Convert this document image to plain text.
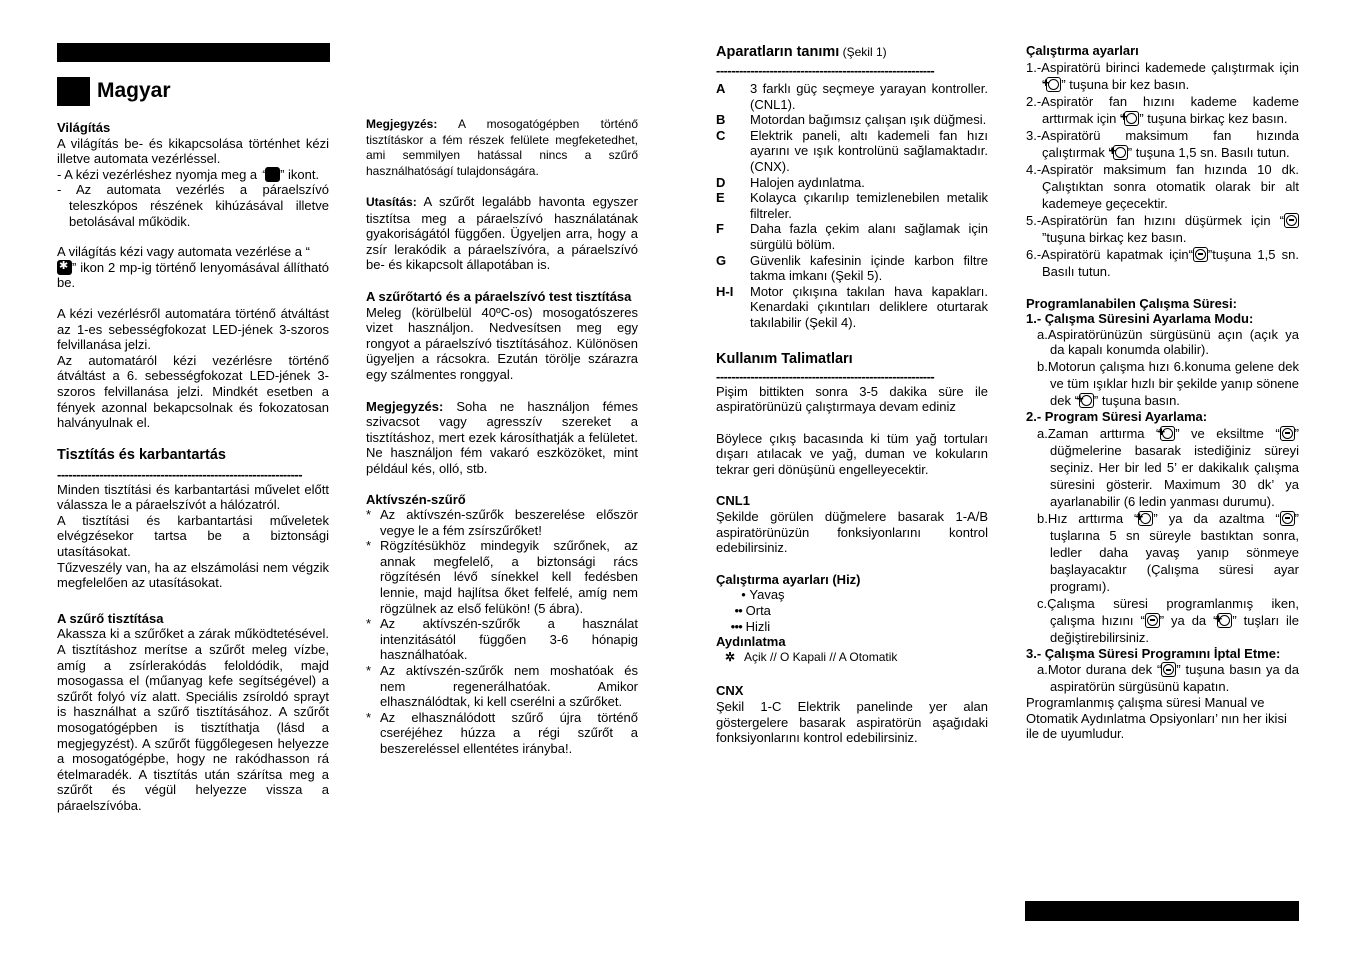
Magyar

Világítás

A világítás be- és kikapcsolása történhet kézi illetve automata vezérléssel.

- A kézi vezérléshez nyomja meg a “ ✱ ” ikont.

- Az automata vezérlés a páraelszívó teleszkópos részének kihúzásával illetve betolásával működik.

A világítás kézi vagy automata vezérlése a “
✱” ikon 2 mp-ig történő lenyomásával állítható be.

A kézi vezérlésről automatára történő átváltást az 1-es sebességfokozat LED-jének 3-szoros felvillanása jelzi.

Az automatáról kézi vezérlésre történő átváltást a 6. sebességfokozat LED-jének 3-szoros felvillanása jelzi. Mindkét esetben a fények azonnal bekapcsolnak és fokozatosan halványulnak el.

Tisztítás és karbantartás
----------------------------------------------------------------

Minden tisztítási és karbantartási művelet előtt válassza le a páraelszívót a hálózatról.

A tisztítási és karbantartási műveletek elvégzésekor tartsa be a biztonsági utasításokat.

Tűzveszély van, ha az elszámolási nem végzik megfelelően az utasításokat.

A szűrő tisztítása

Akassza ki a szűrőket a zárak működtetésével. A tisztításhoz merítse a szűrőt meleg vízbe, amíg a zsírlerakódás feloldódik, majd mosogassa el (műanyag kefe segítségével) a szűrőt folyó víz alatt. Speciális zsíroldó sprayt is használhat a szűrő tisztításához. A szűrőt mosogatógépben is tisztíthatja (lásd a megjegyzést). A szűrőt függőlegesen helyezze a mosogatógépbe, hogy ne rakódhasson rá ételmaradék. A tisztítás után szárítsa meg a szűrőt és végül helyezze vissza a páraelszívóba.

Megjegyzés: A mosogatógépben történő tisztításkor a fém részek felülete megfeketedhet, ami semmilyen hatással nincs a szűrő használhatóságí tulajdonságára.

Utasítás: A szűrőt legalább havonta egyszer tisztítsa meg a páraelszívó használatának gyakoriságától függően. Ügyeljen arra, hogy a zsír lerakódik a páraelszívóra, a páraelszívó be- és kikapcsolt állapotában is.

A szűrőtartó és a páraelszívó test tisztítása

Meleg (körülbelül 40ºC-os) mosogatószeres vizet használjon. Nedvesítsen meg egy rongyot a páraelszívó tisztításához. Különösen ügyeljen a rácsokra. Ezután törölje szárazra egy szálmentes ronggyal.

Megjegyzés: Soha ne használjon fémes szivacsot vagy agresszív szereket a tisztításhoz, mert ezek károsíthatják a felületet. Ne használjon fém vakaró eszközöket, mint például kés, olló, stb.

Aktívszén-szűrő

* Az aktívszén-szűrők beszerelése először vegye le a fém zsírszűrőket!
* Rögzítésükhöz mindegyik szűrőnek, az annak megfelelő, a biztonsági rács rögzítésén lévő sínekkel kell fedésben lennie, majd hajlítsa őket felfelé, amíg nem rögzülnek az első felükön! (5 ábra).
* Az aktívszén-szűrők a használat intenzitásától függően 3-6 hónapig használhatóak.
* Az aktívszén-szűrők nem moshatóak és nem regenerálhatóak. Amikor elhasználódtak, ki kell cserélni a szűrőket.
* Az elhasználódott szűrő újra történő cseréjéhez húzza a régi szűrőt a beszereléssel ellentétes irányba!.
Aparatların tanımı (Şekil 1)
---------------------------------------------------------
A	3 farklı güç seçmeye yarayan kontroller. (CNL1).
B	Motordan bağımsız çalışan ışık düğmesi.
C	Elektrik paneli, altı kademeli fan hızı ayarını ve ışık kontrolünü sağlamaktadır. (CNX).
D	Halojen aydınlatma.
E	Kolayca çıkarılıp temizlenebilen metalik filtreler.
F	Daha fazla çekim alanı sağlamak için sürgülü bölüm.
G	Güvenlik kafesinin içinde karbon filtre takma imkanı (Şekil 5).
H-I	Motor çıkışına takılan hava kapakları. Kenardaki çıkıntıları deliklere oturtarak takılabilir (Şekil 4).
Kullanım Talimatları
---------------------------------------------------------

Pişim bittikten sonra 3-5 dakika süre ile aspiratörünüzü çalıştırmaya devam ediniz

Böylece çıkış bacasında ki tüm yağ tortuları dışarı atılacak ve yağ, duman ve kokuların tekrar geri dönüşünü engelleyecektir.

CNL1

Şekilde görülen düğmelere basarak 1-A/B aspiratörünüzün fonksiyonlarını kontrol edebilirsiniz.

Çalıştırma ayarları (Hiz)

● Yavaş
●● Orta
●●● Hizli

Aydınlatma

✲ Açik // O Kapali // A Otomatik

CNX

Şekil 1-C Elektrik panelinde yer alan göstergelere basarak aspiratörün aşağıdaki fonksiyonlarını kontrol edebilirsiniz.

Çalıştırma ayarları

1.-Aspiratörü birinci kademede çalıştırmak için “ + ” tuşuna bir kez basın.

2.-Aspiratör fan hızını kademe kademe arttırmak için “ + ” tuşuna birkaç kez basın.

3.-Aspiratörü maksimum fan hızında çalıştırmak “ + ” tuşuna 1,5 sn. Basılı tutun.

4.-Aspiratör maksimum fan hızında 10 dk. Çalıştıktan sonra otomatik olarak bir alt kademeye geçecektir.

5.-Aspiratörün fan hızını düşürmek için “”tuşuna birkaç kez basın.

6.-Aspiratörü kapatmak için“ ”tuşuna 1,5 sn. Basılı tutun.

Programlanabilen Çalışma Süresi:

1.- Çalışma Süresini Ayarlama Modu:

a.Aspiratörünüzün sürgüsünü açın (açık ya da kapalı konumda olabilir).

b.Motorun çalışma hızı 6.konuma gelene dek ve tüm ışıklar hızlı bir şekilde yanıp sönene dek “ + ” tuşuna basın.

2.- Program Süresi Ayarlama:

a.Zaman arttırma “ + ” ve eksiltme “ ” düğmelerine basarak istediğiniz süreyi seçiniz. Her bir led 5’ er dakikalık çalışma süresini gösterir. Maximum 30 dk’ ya ayarlanabilir (6 ledin yanması durumu).

b.Hız arttırma “ + ” ya da azaltma “ ” tuşlarına 5 sn süreyle bastıktan sonra, ledler daha yavaş yanıp sönmeye başlayacaktır (Çalışma süresi ayar programı).

c.Çalışma süresi programlanmış iken, çalışma hızını “ ” ya da “ + ” tuşları ile değiştirebilirsiniz.

3.- Çalışma Süresi Programını İptal Etme:

a.Motor durana dek “ ” tuşuna basın ya da aspiratörün sürgüsünü kapatın.

Programlanmış çalışma süresi Manual ve Otomatik Aydınlatma Opsiyonları’ nın her ikisi ile de uyumludur.
